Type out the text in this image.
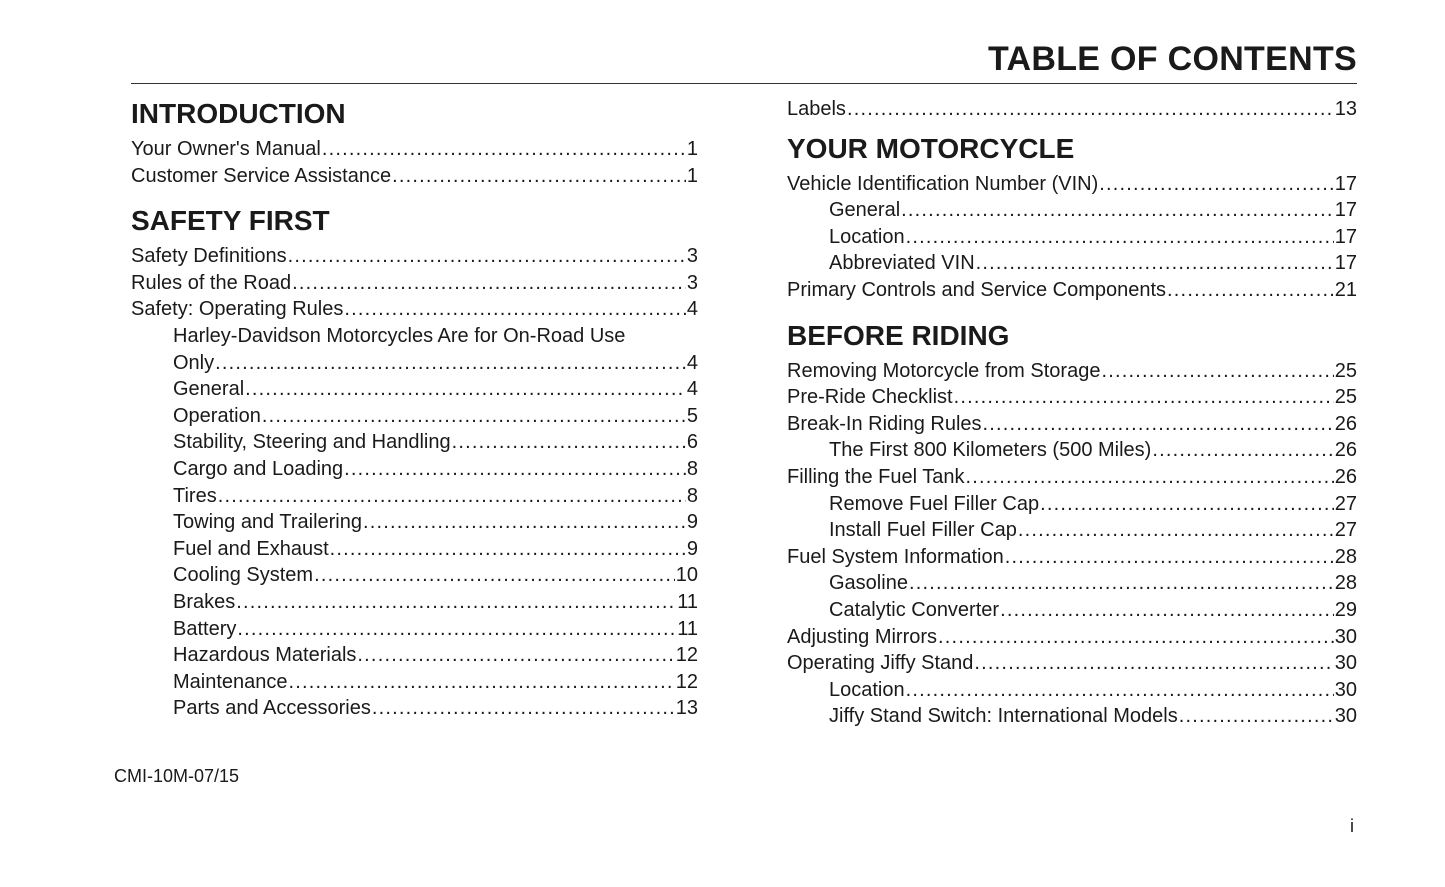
TABLE OF CONTENTS
INTRODUCTION
Your Owner's Manual .....	1
Customer Service Assistance .....	1
SAFETY FIRST
Safety Definitions .....	3
Rules of the Road .....	3
Safety: Operating Rules .....	4
Harley-Davidson Motorcycles Are for On-Road Use
Only .....	4
General .....	4
Operation .....	5
Stability, Steering and Handling .....	6
Cargo and Loading .....	8
Tires .....	8
Towing and Trailering .....	9
Fuel and Exhaust .....	9
Cooling System .....	10
Brakes .....	11
Battery .....	11
Hazardous Materials .....	12
Maintenance .....	12
Parts and Accessories .....	13
Labels .....	13
YOUR MOTORCYCLE
Vehicle Identification Number (VIN) .....	17
General .....	17
Location .....	17
Abbreviated VIN .....	17
Primary Controls and Service Components .....	21
BEFORE RIDING
Removing Motorcycle from Storage .....	25
Pre-Ride Checklist .....	25
Break-In Riding Rules .....	26
The First 800 Kilometers (500 Miles) .....	26
Filling the Fuel Tank .....	26
Remove Fuel Filler Cap .....	27
Install Fuel Filler Cap .....	27
Fuel System Information .....	28
Gasoline .....	28
Catalytic Converter .....	29
Adjusting Mirrors .....	30
Operating Jiffy Stand .....	30
Location .....	30
Jiffy Stand Switch: International Models .....	30
CMI-10M-07/15
i
